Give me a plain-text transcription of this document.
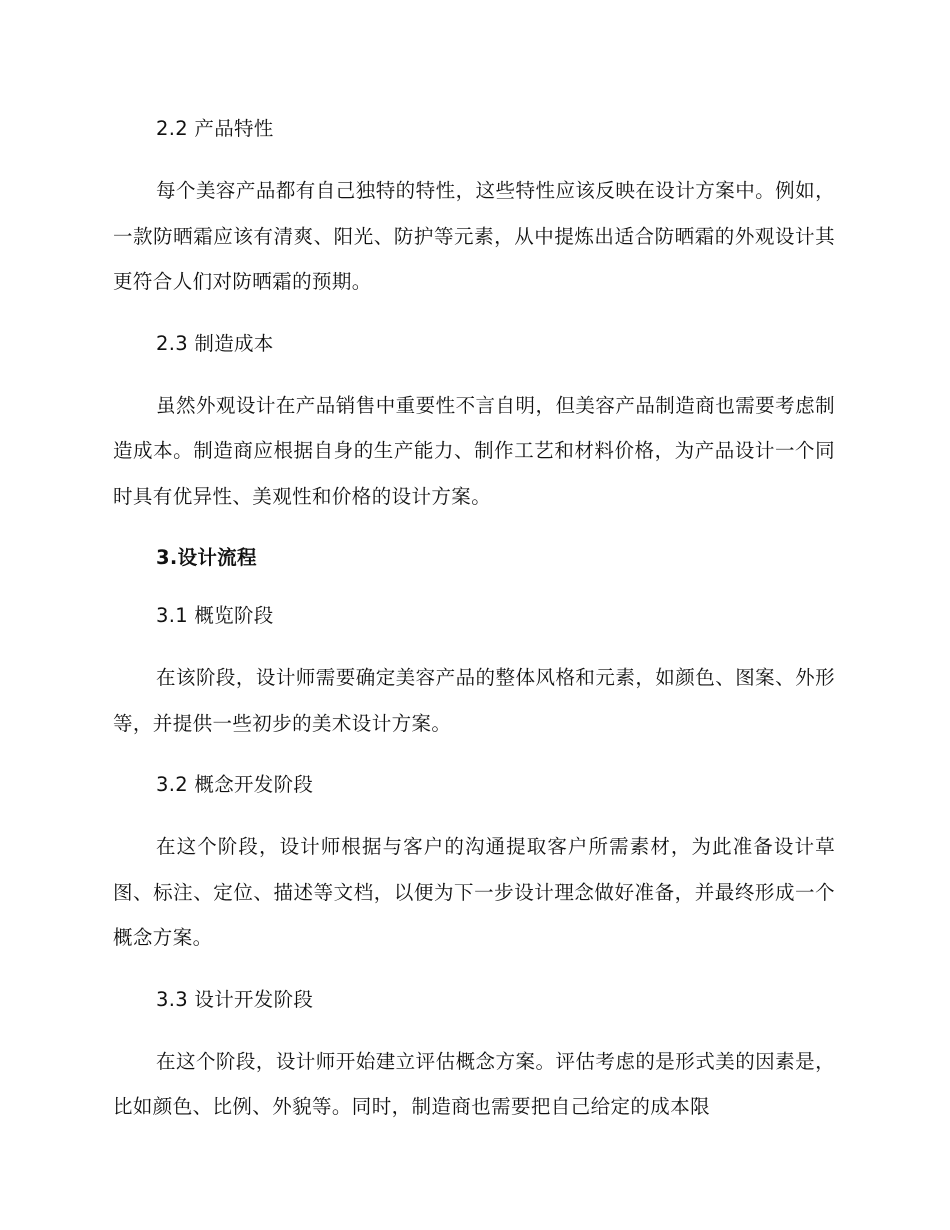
2.2 产品特性

每个美容产品都有自己独特的特性，这些特性应该反映在设计方案中。例如，一款防晒霜应该有清爽、阳光、防护等元素，从中提炼出适合防晒霜的外观设计其更符合人们对防晒霜的预期。

2.3 制造成本

虽然外观设计在产品销售中重要性不言自明，但美容产品制造商也需要考虑制造成本。制造商应根据自身的生产能力、制作工艺和材料价格，为产品设计一个同时具有优异性、美观性和价格的设计方案。

3.设计流程

3.1 概览阶段

在该阶段，设计师需要确定美容产品的整体风格和元素，如颜色、图案、外形等，并提供一些初步的美术设计方案。

3.2 概念开发阶段

在这个阶段，设计师根据与客户的沟通提取客户所需素材，为此准备设计草图、标注、定位、描述等文档，以便为下一步设计理念做好准备，并最终形成一个概念方案。

3.3 设计开发阶段

在这个阶段，设计师开始建立评估概念方案。评估考虑的是形式美的因素是，比如颜色、比例、外貌等。同时，制造商也需要把自己给定的成本限
